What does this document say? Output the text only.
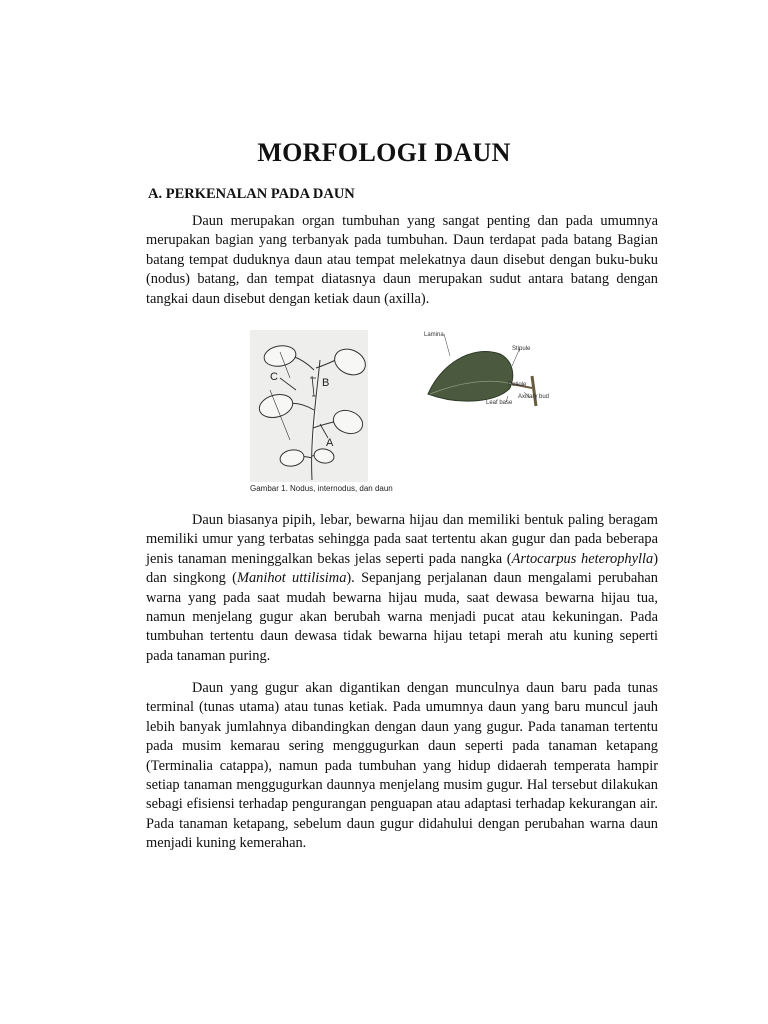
MORFOLOGI DAUN
A. PERKENALAN PADA DAUN

Daun merupakan organ tumbuhan yang sangat penting dan pada umumnya merupakan bagian yang terbanyak pada tumbuhan. Daun terdapat pada batang Bagian batang tempat duduknya daun atau tempat melekatnya daun disebut dengan buku-buku (nodus) batang, dan tempat diatasnya daun merupakan sudut antara batang dengan tangkai daun disebut dengan ketiak daun (axilla).

C	B
A
Gambar 1. Nodus, internodus, dan daun
Lamina
Stipule
Petiole
Axillary bud
Leaf base

Daun biasanya pipih, lebar, bewarna hijau dan memiliki bentuk paling beragam memiliki umur yang terbatas sehingga pada saat tertentu akan gugur dan pada beberapa jenis tanaman meninggalkan bekas jelas seperti pada nangka (Artocarpus heterophylla) dan singkong (Manihot uttilisima). Sepanjang perjalanan daun mengalami perubahan warna yang pada saat mudah bewarna hijau muda, saat dewasa bewarna hijau tua, namun menjelang gugur akan berubah warna menjadi pucat atau kekuningan. Pada tumbuhan tertentu daun dewasa tidak bewarna hijau tetapi merah atu kuning seperti pada tanaman puring.

Daun yang gugur akan digantikan dengan munculnya daun baru pada tunas terminal (tunas utama) atau tunas ketiak. Pada umumnya daun yang baru muncul jauh lebih banyak jumlahnya dibandingkan dengan daun yang gugur. Pada tanaman tertentu pada musim kemarau sering menggugurkan daun seperti pada tanaman ketapang (Terminalia catappa), namun pada tumbuhan yang hidup didaerah temperata hampir setiap tanaman menggugurkan daunnya menjelang musim gugur. Hal tersebut dilakukan sebagi efisiensi terhadap pengurangan penguapan atau adaptasi terhadap kekurangan air. Pada tanaman ketapang, sebelum daun gugur didahului dengan perubahan warna daun menjadi kuning kemerahan.
